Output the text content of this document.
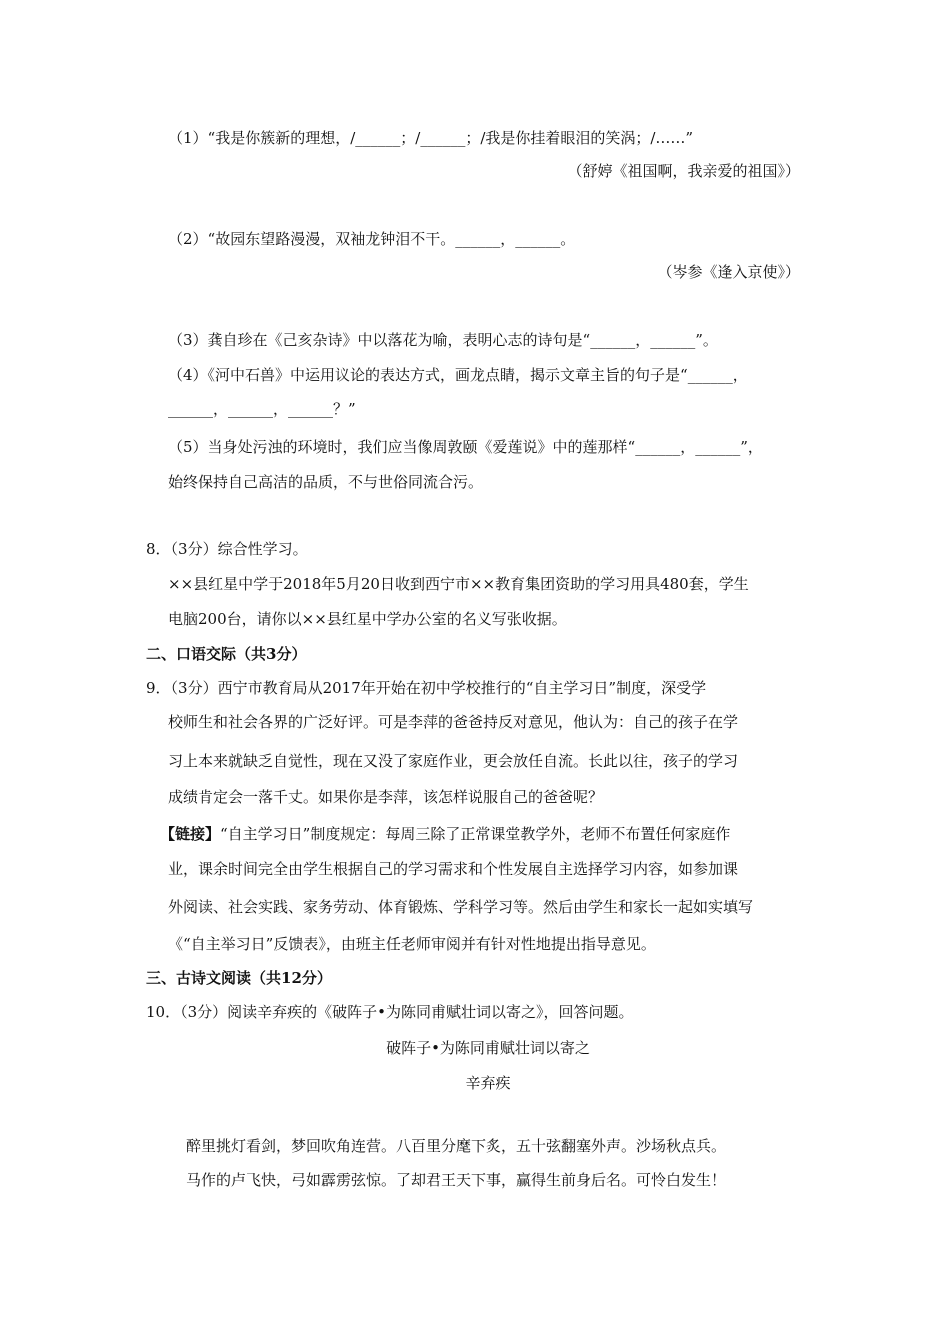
（1）“我是你簇新的理想，/______；/______；/我是你挂着眼泪的笑涡；/……”
（舒婷《祖国啊，我亲爱的祖国》）
（2）“故园东望路漫漫，双袖龙钟泪不干。______，______。
（岑参《逢入京使》）
（3）龚自珍在《己亥杂诗》中以落花为喻，表明心志的诗句是“______，______”。
（4）《河中石兽》中运用议论的表达方式，画龙点睛，揭示文章主旨的句子是“______，
______，______，______？”
（5）当身处污浊的环境时，我们应当像周敦颐《爱莲说》中的莲那样“______，______”，
始终保持自己高洁的品质，不与世俗同流合污。
8．（3分）综合性学习。
××县红星中学于2018年5月20日收到西宁市××教育集团资助的学习用具480套，学生
电脑200台，请你以××县红星中学办公室的名义写张收据。
二、口语交际（共3分）
9．（3分）西宁市教育局从2017年开始在初中学校推行的“自主学习日”制度，深受学
校师生和社会各界的广泛好评。可是李萍的爸爸持反对意见，他认为：自己的孩子在学
习上本来就缺乏自觉性，现在又没了家庭作业，更会放任自流。长此以往，孩子的学习
成绩肯定会一落千丈。如果你是李萍，该怎样说服自己的爸爸呢？
【链接】“自主学习日”制度规定：每周三除了正常课堂教学外，老师不布置任何家庭作
业，课余时间完全由学生根据自己的学习需求和个性发展自主选择学习内容，如参加课
外阅读、社会实践、家务劳动、体育锻炼、学科学习等。然后由学生和家长一起如实填写
《“自主举习日”反馈表》，由班主任老师审阅并有针对性地提出指导意见。
三、古诗文阅读（共12分）
10．（3分）阅读辛弃疾的《破阵子•为陈同甫赋壮词以寄之》，回答问题。
破阵子•为陈同甫赋壮词以寄之
辛弃疾
醉里挑灯看剑，梦回吹角连营。八百里分麾下炙，五十弦翻塞外声。沙场秋点兵。
马作的卢飞快，弓如霹雳弦惊。了却君王天下事，赢得生前身后名。可怜白发生！
